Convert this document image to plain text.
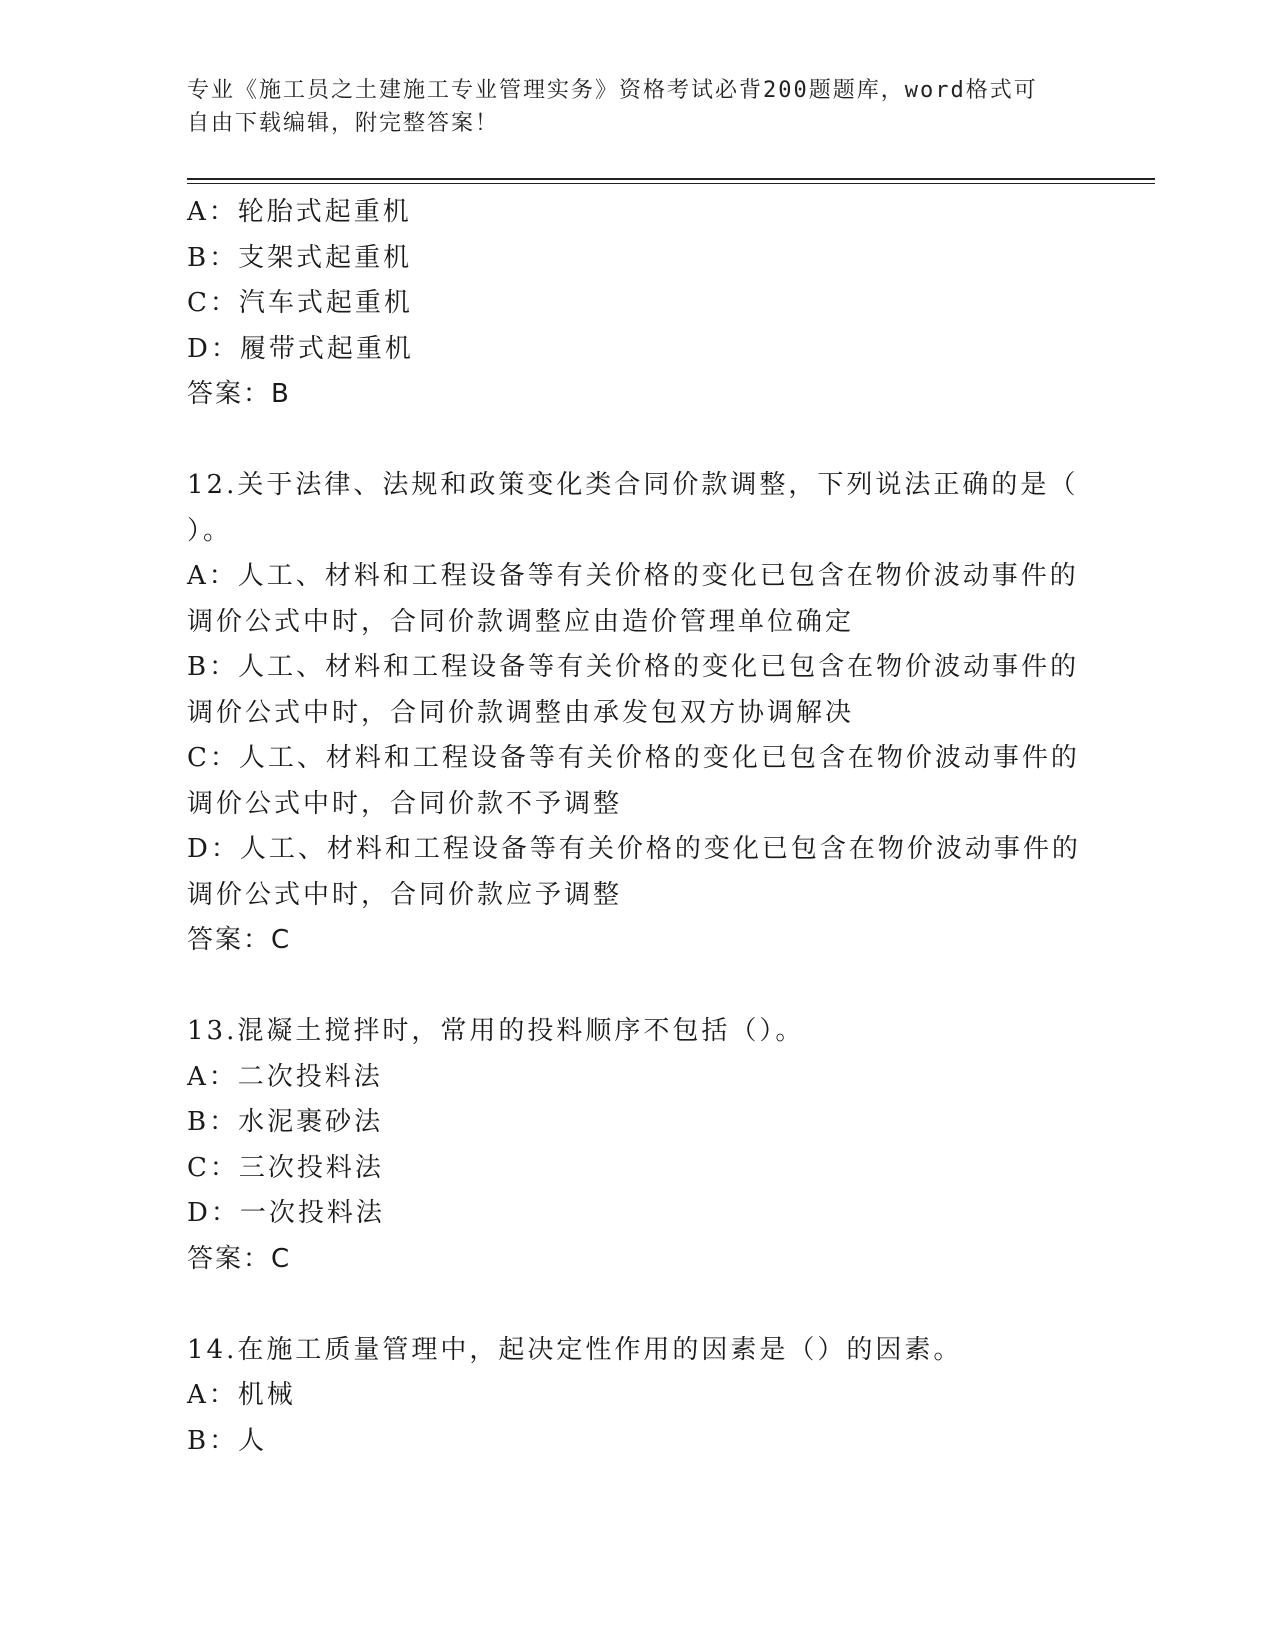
专业《施工员之土建施工专业管理实务》资格考试必背200题题库，word格式可
自由下载编辑，附完整答案！
A：轮胎式起重机
B：支架式起重机
C：汽车式起重机
D：履带式起重机
答案：B
12.关于法律、法规和政策变化类合同价款调整，下列说法正确的是（
）。
A：人工、材料和工程设备等有关价格的变化已包含在物价波动事件的
调价公式中时，合同价款调整应由造价管理单位确定
B：人工、材料和工程设备等有关价格的变化已包含在物价波动事件的
调价公式中时，合同价款调整由承发包双方协调解决
C：人工、材料和工程设备等有关价格的变化已包含在物价波动事件的
调价公式中时，合同价款不予调整
D：人工、材料和工程设备等有关价格的变化已包含在物价波动事件的
调价公式中时，合同价款应予调整
答案：C
13.混凝土搅拌时，常用的投料顺序不包括（）。
A：二次投料法
B：水泥裹砂法
C：三次投料法
D：一次投料法
答案：C
14.在施工质量管理中，起决定性作用的因素是（）的因素。
A：机械
B：人
